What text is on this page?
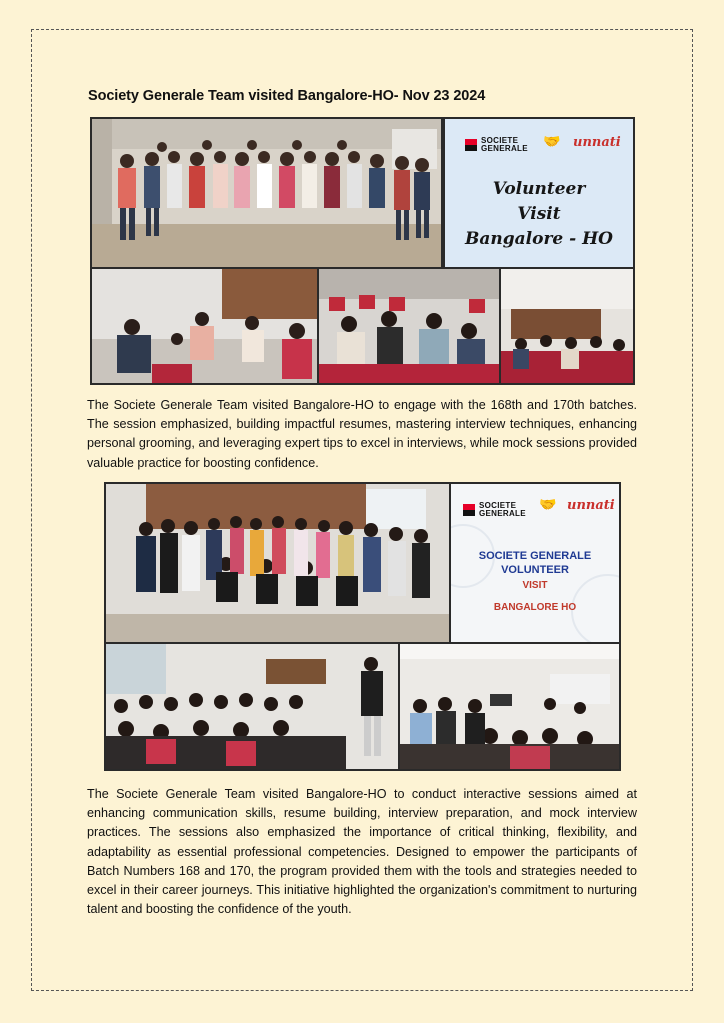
Society Generale Team visited Bangalore-HO- Nov 23 2024
SOCIETE
GENERALE 🤝 unnati
Volunteer
Visit
Bangalore - HO

The Societe Generale Team visited Bangalore-HO to engage with the 168th and 170th batches. The session emphasized, building impactful resumes, mastering interview techniques, enhancing personal grooming, and leveraging expert tips to excel in interviews, while mock sessions provided valuable practice for boosting confidence.

SOCIETE
GENERALE
🤝 unnati
SOCIETE GENERALE
VOLUNTEER
VISIT
BANGALORE HO

The Societe Generale Team visited Bangalore-HO to conduct interactive sessions aimed at enhancing communication skills, resume building, interview preparation, and mock interview practices. The sessions also emphasized the importance of critical thinking, flexibility, and adaptability as essential professional competencies. Designed to empower the participants of Batch Numbers 168 and 170, the program provided them with the tools and strategies needed to excel in their career journeys. This initiative highlighted the organization's commitment to nurturing talent and boosting the confidence of the youth.
